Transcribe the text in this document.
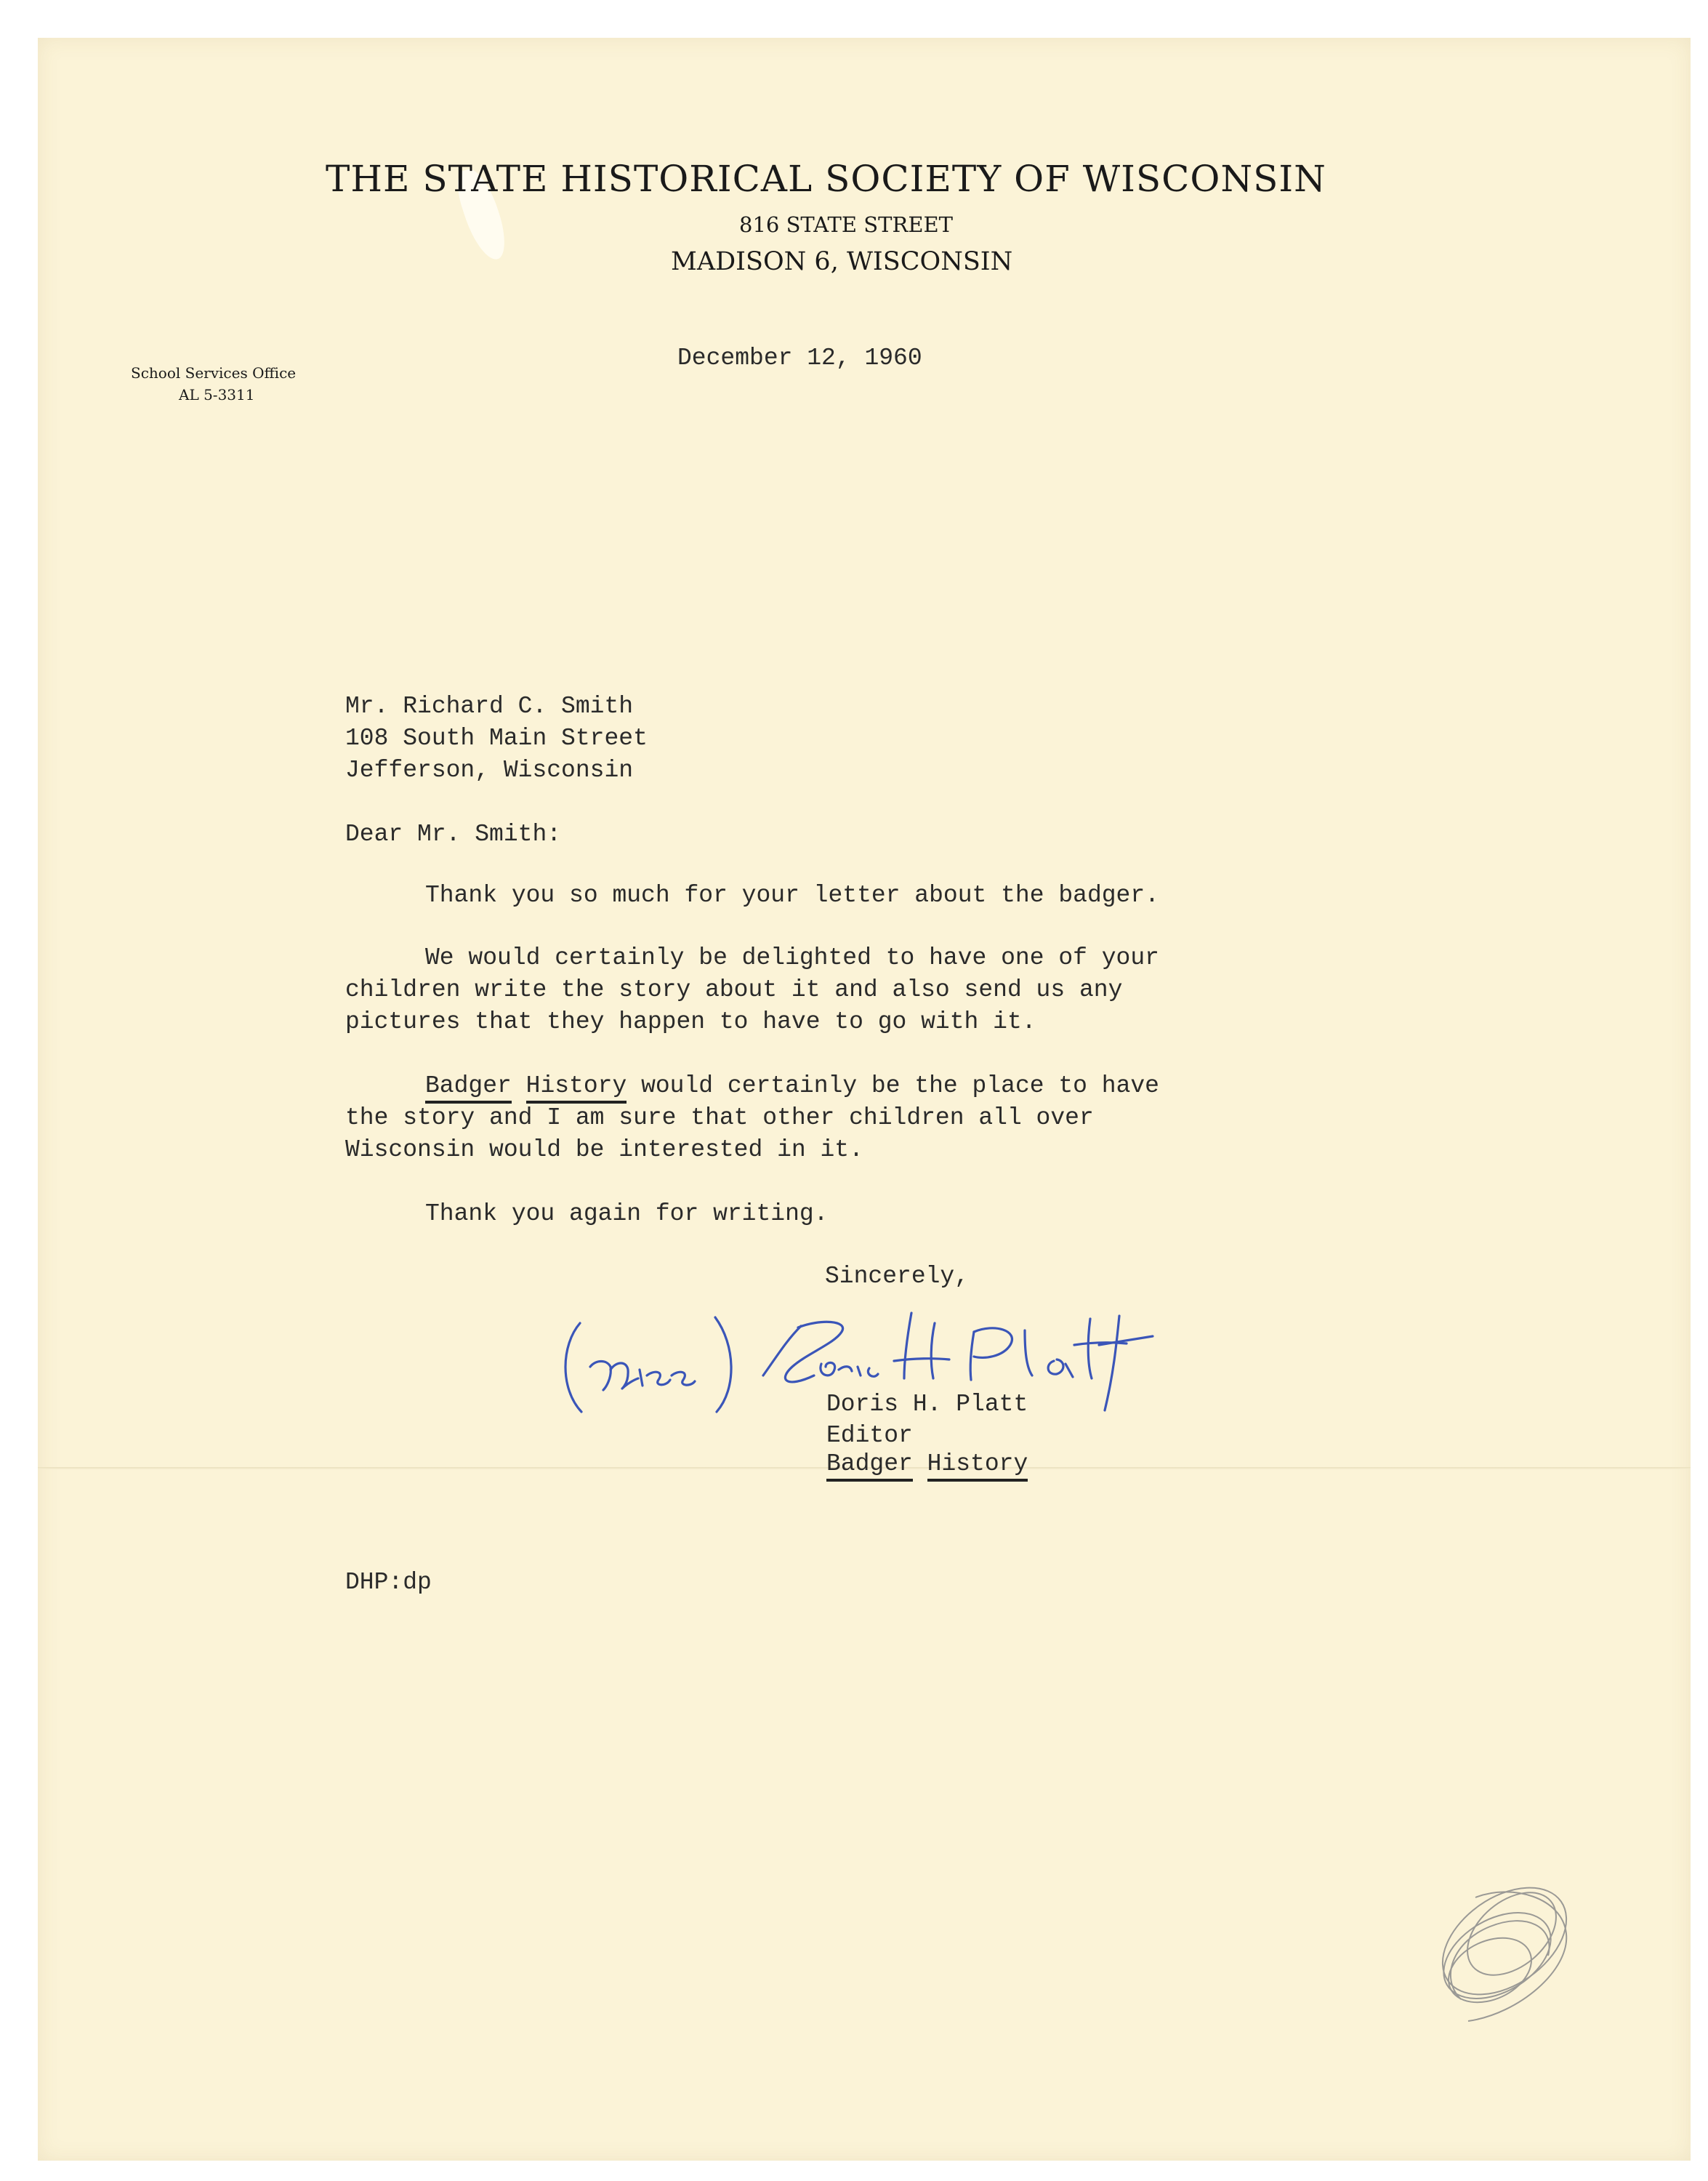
THE STATE HISTORICAL SOCIETY OF WISCONSIN
816 STATE STREET
MADISON 6, WISCONSIN
School Services Office
AL 5-3311
December 12, 1960
Mr. Richard C. Smith
108 South Main Street
Jefferson, Wisconsin
Dear Mr. Smith:
Thank you so much for your letter about the badger.
We would certainly be delighted to have one of your
children write the story about it and also send us any
pictures that they happen to have to go with it.
Badger History would certainly be the place to have
the story and I am sure that other children all over
Wisconsin would be interested in it.
Thank you again for writing.
Sincerely,
Doris H. Platt
Editor
Badger History
DHP:dp
